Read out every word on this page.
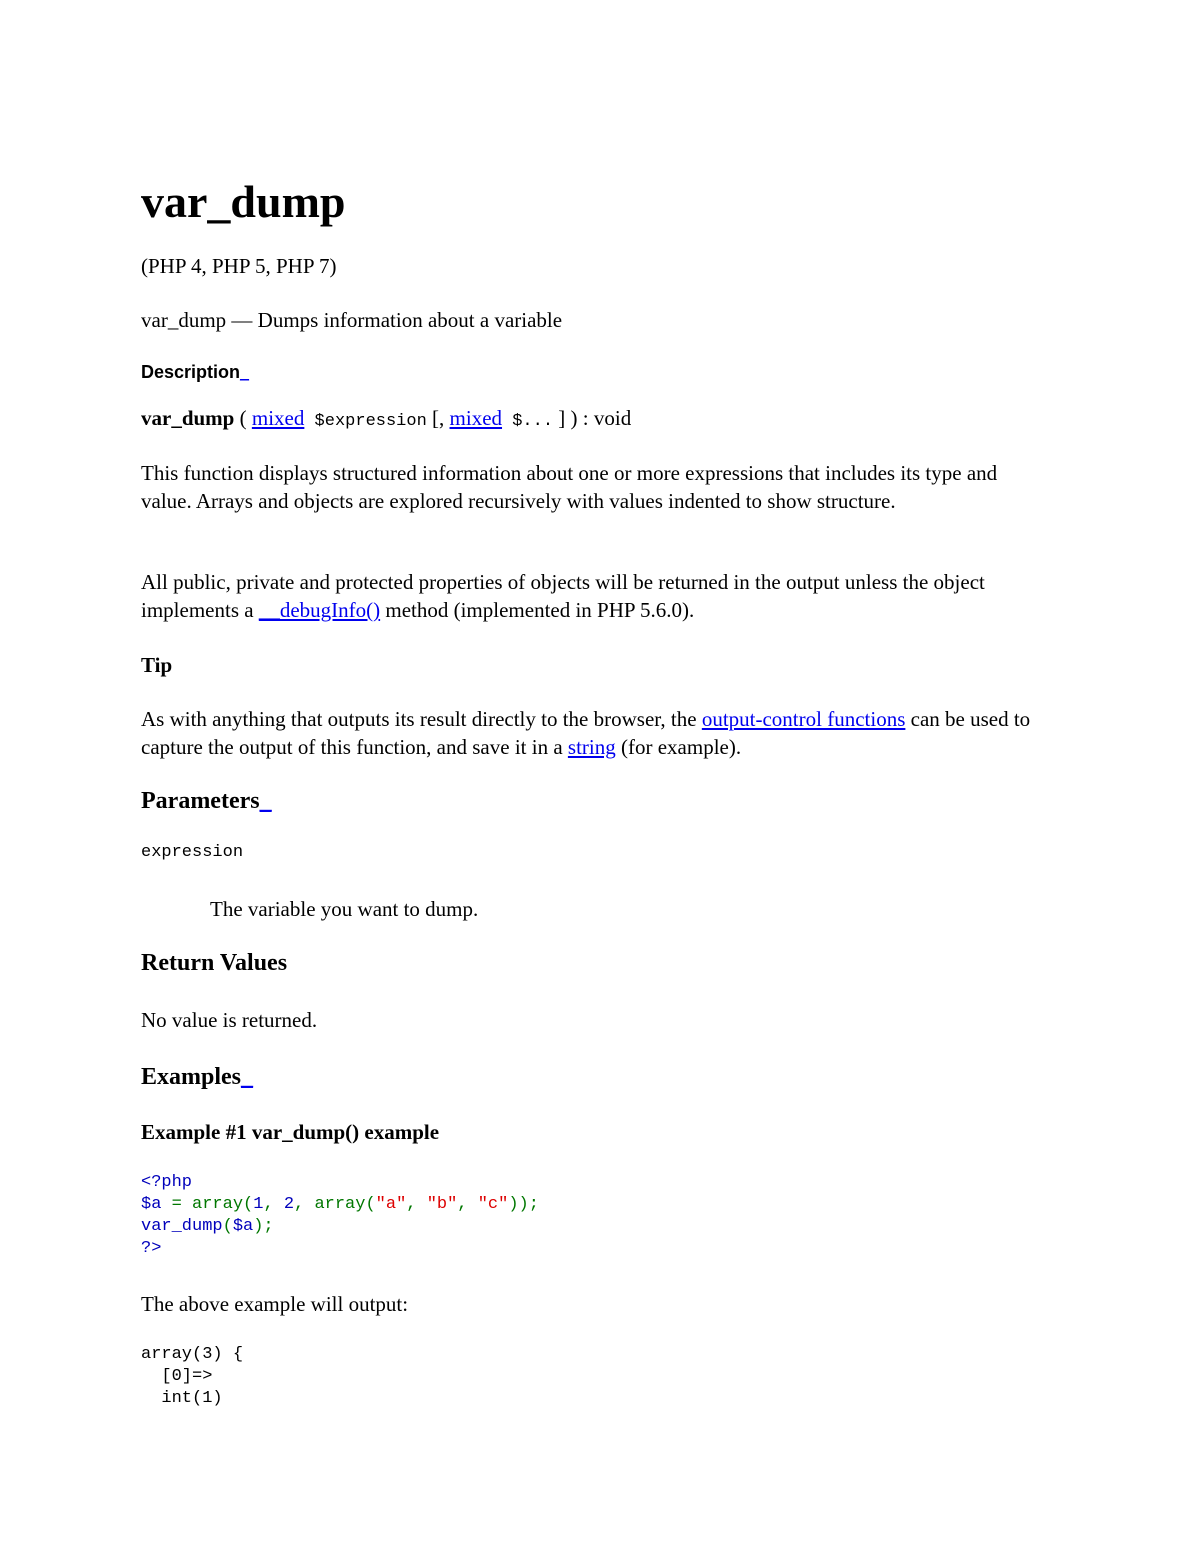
var_dump

(PHP 4, PHP 5, PHP 7)

var_dump — Dumps information about a variable

Description_

var_dump ( mixed $expression [, mixed $... ] ) : void

This function displays structured information about one or more expressions that includes its type and value. Arrays and objects are explored recursively with values indented to show structure.

All public, private and protected properties of objects will be returned in the output unless the object implements a __debugInfo() method (implemented in PHP 5.6.0).

Tip

As with anything that outputs its result directly to the browser, the output-control functions can be used to capture the output of this function, and save it in a string (for example).

Parameters_
expression

The variable you want to dump.

Return Values

No value is returned.

Examples_

Example #1 var_dump() example

<?php
$a = array(1, 2, array("a", "b", "c"));
var_dump($a);
?>

The above example will output:

array(3) {
[0]=>
int(1)
